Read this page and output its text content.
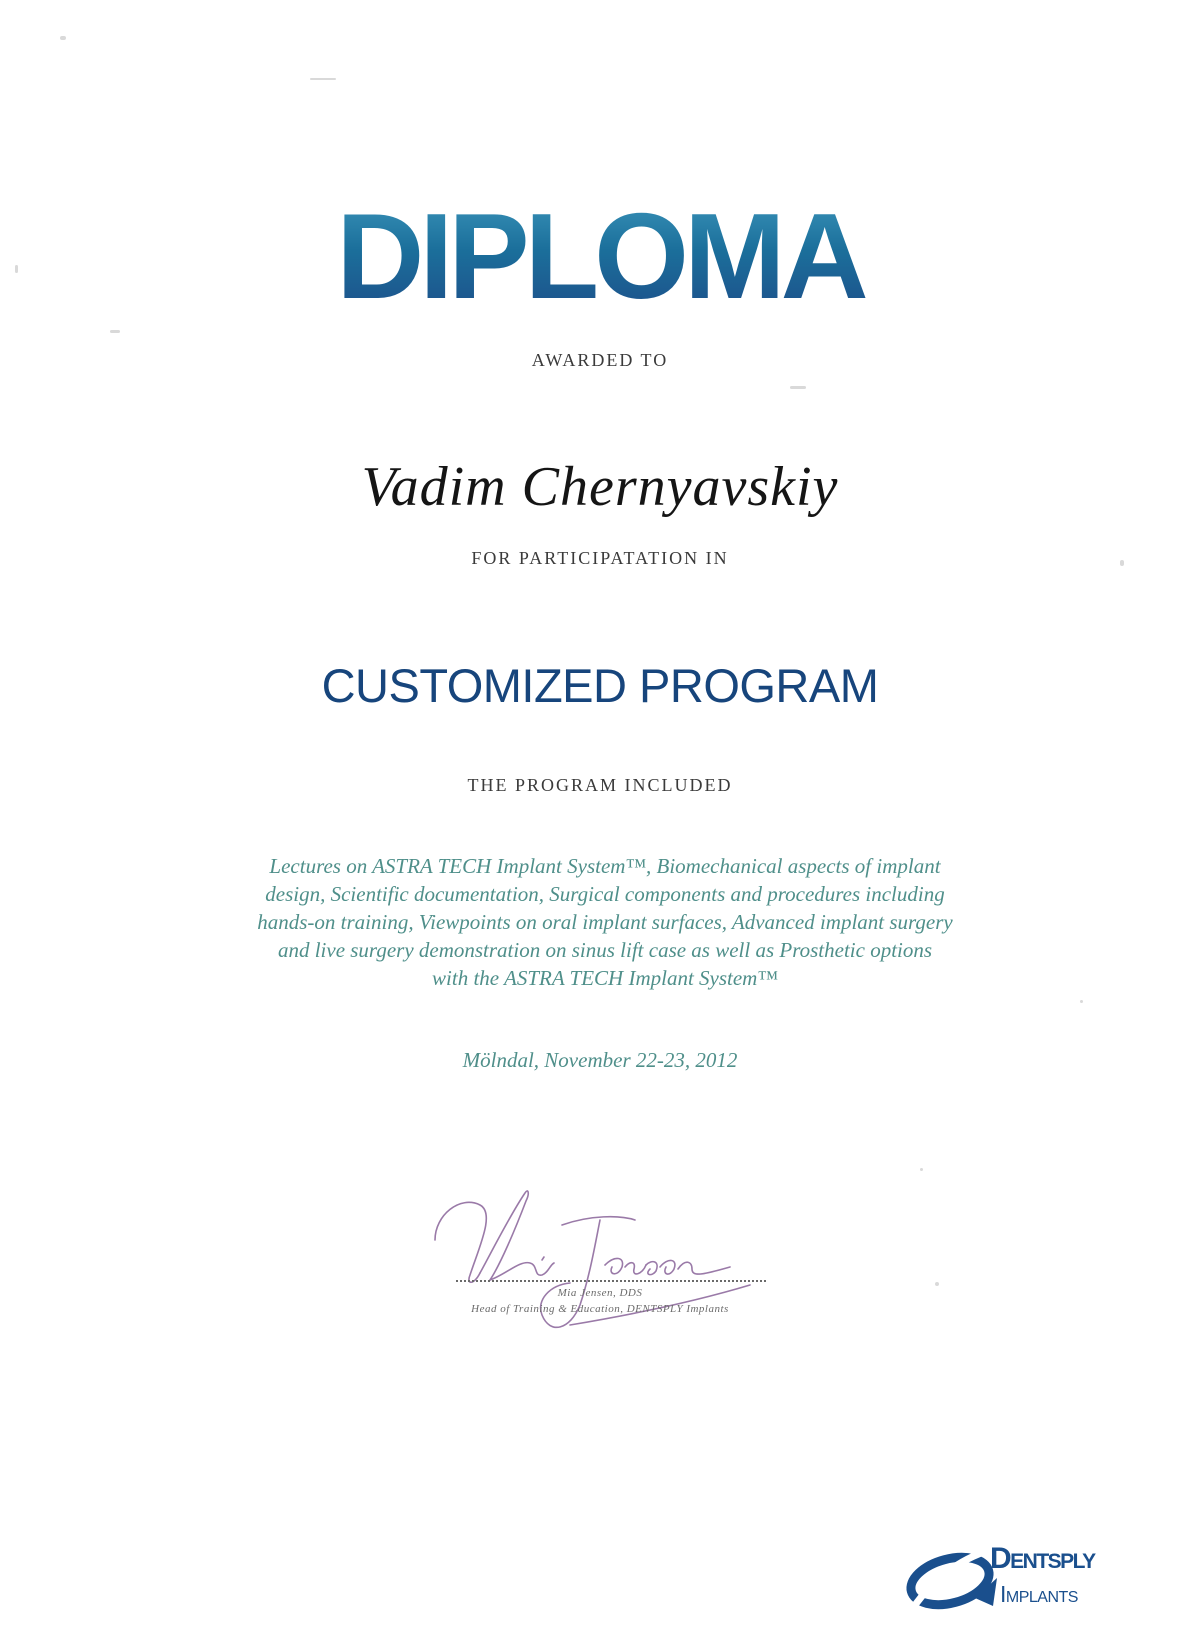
DIPLOMA
AWARDED TO
Vadim Chernyavskiy
FOR PARTICIPATATION IN
CUSTOMIZED PROGRAM
THE PROGRAM INCLUDED
Lectures on ASTRA TECH Implant System™, Biomechanical aspects of implant
design, Scientific documentation, Surgical components and procedures including
hands-on training, Viewpoints on oral implant surfaces, Advanced implant surgery
and live surgery demonstration on sinus lift case as well as Prosthetic options
with the ASTRA TECH Implant System™
Mölndal, November 22-23, 2012
Mia Jensen, DDS
Head of Training & Education, DENTSPLY Implants
Dentsply
Implants
